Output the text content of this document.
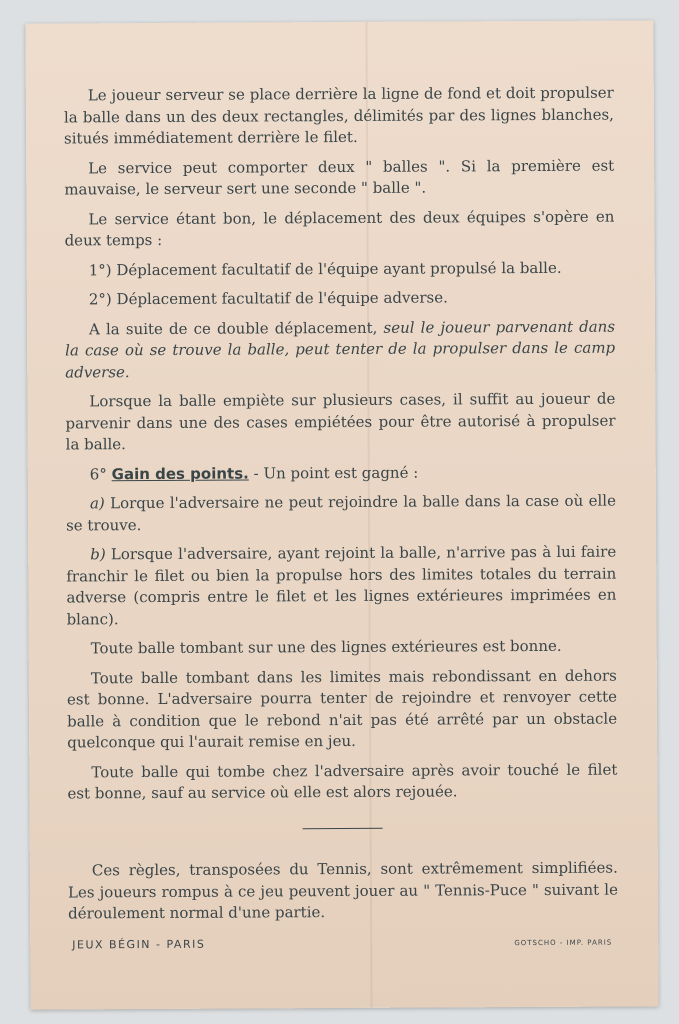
Le joueur serveur se place derrière la ligne de fond et doit propulser la balle dans un des deux rectangles, délimités par des lignes blanches, situés immédiatement derrière le filet.

Le service peut comporter deux " balles ". Si la première est mauvaise, le serveur sert une seconde " balle ".

Le service étant bon, le déplacement des deux équipes s'opère en deux temps :

1°) Déplacement facultatif de l'équipe ayant propulsé la balle.

2°) Déplacement facultatif de l'équipe adverse.

A la suite de ce double déplacement, seul le joueur parvenant dans la case où se trouve la balle, peut tenter de la propulser dans le camp adverse.

Lorsque la balle empiète sur plusieurs cases, il suffit au joueur de parvenir dans une des cases empiétées pour être autorisé à propulser la balle.

6° Gain des points. - Un point est gagné :

a) Lorque l'adversaire ne peut rejoindre la balle dans la case où elle se trouve.

b) Lorsque l'adversaire, ayant rejoint la balle, n'arrive pas à lui faire franchir le filet ou bien la propulse hors des limites totales du terrain adverse (compris entre le filet et les lignes extérieures imprimées en blanc).

Toute balle tombant sur une des lignes extérieures est bonne.

Toute balle tombant dans les limites mais rebondissant en dehors est bonne. L'adversaire pourra tenter de rejoindre et renvoyer cette balle à condition que le rebond n'ait pas été arrêté par un obstacle quelconque qui l'aurait remise en jeu.

Toute balle qui tombe chez l'adversaire après avoir touché le filet est bonne, sauf au service où elle est alors rejouée.

Ces règles, transposées du Tennis, sont extrêmement simplifiées. Les joueurs rompus à ce jeu peuvent jouer au " Tennis-Puce " suivant le déroulement normal d'une partie.

JEUX BÉGIN - PARIS	GOTSCHO - IMP. PARIS
